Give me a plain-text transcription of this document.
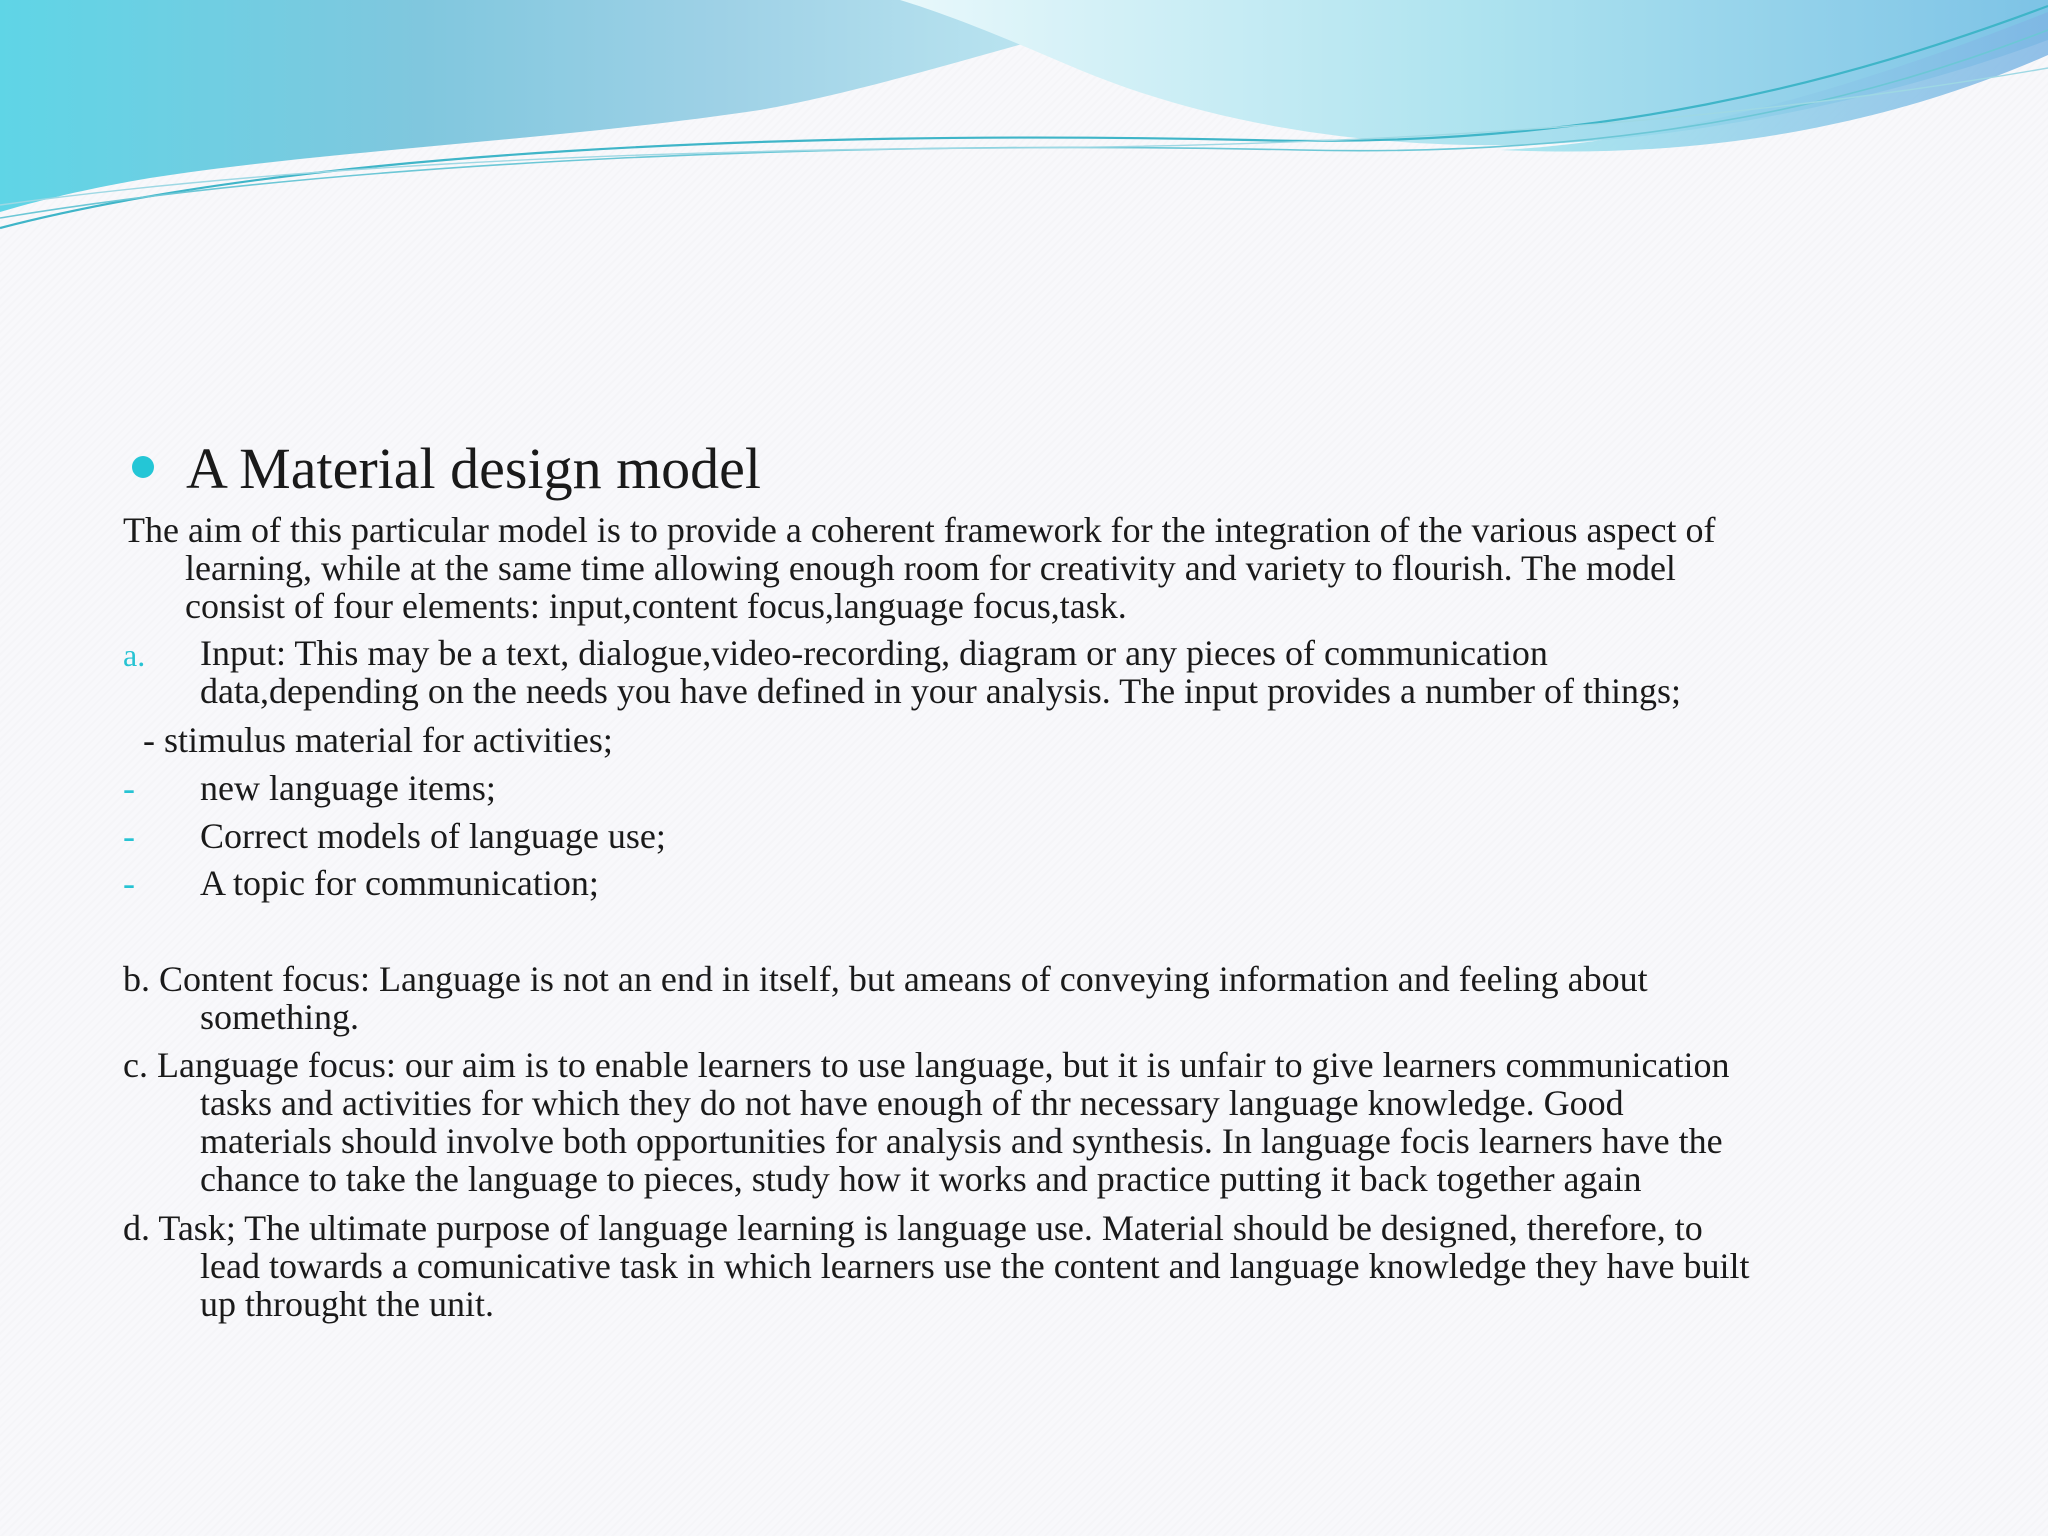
A Material design model

The aim of this particular model is to provide a coherent framework for the integration of the various aspect of

learning, while at the same time allowing enough room for creativity and variety to flourish. The model

consist of four elements: input,content focus,language focus,task.

a. Input: This may be a text, dialogue,video-recording, diagram or any pieces of communication

data,depending on the needs you have defined in your analysis. The input provides a number of things;

- stimulus material for activities;

- new language items;

- Correct models of language use;

- A topic for communication;

b. Content focus: Language is not an end in itself, but ameans of conveying information and feeling about

something.

c. Language focus: our aim is to enable learners to use language, but it is unfair to give learners communication

tasks and activities for which they do not have enough of thr necessary language knowledge. Good

materials should involve both opportunities for analysis and synthesis. In language focis learners have the

chance to take the language to pieces, study how it works and practice putting it back together again

d. Task; The ultimate purpose of language learning is language use. Material should be designed, therefore, to

lead towards a comunicative task in which learners use the content and language knowledge they have built

up throught the unit.
